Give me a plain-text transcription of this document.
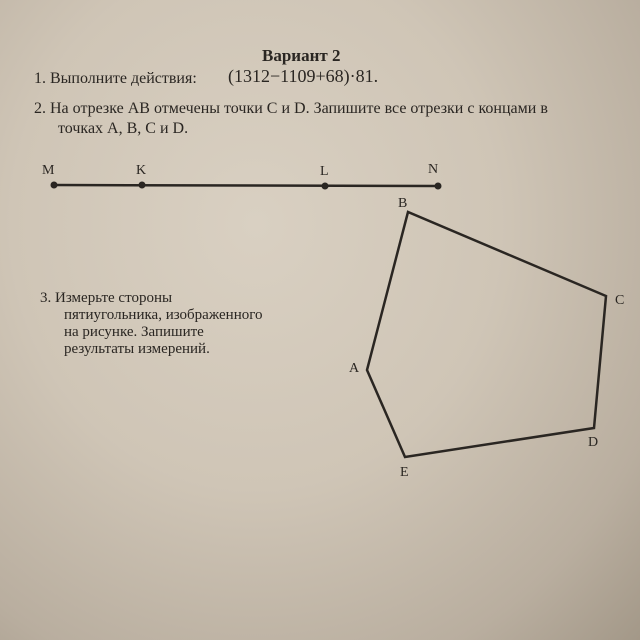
Вариант 2
1. Выполните действия: (1312−1109+68)·81.
2. На отрезке AB отмечены точки C и D. Запишите все отрезки с концами в
точках A, B, C и D.
3. Измерьте стороны
пятиугольника, изображенного
на рисунке. Запишите
результаты измерений.
M	K	L	N
A
B
C
D
E
